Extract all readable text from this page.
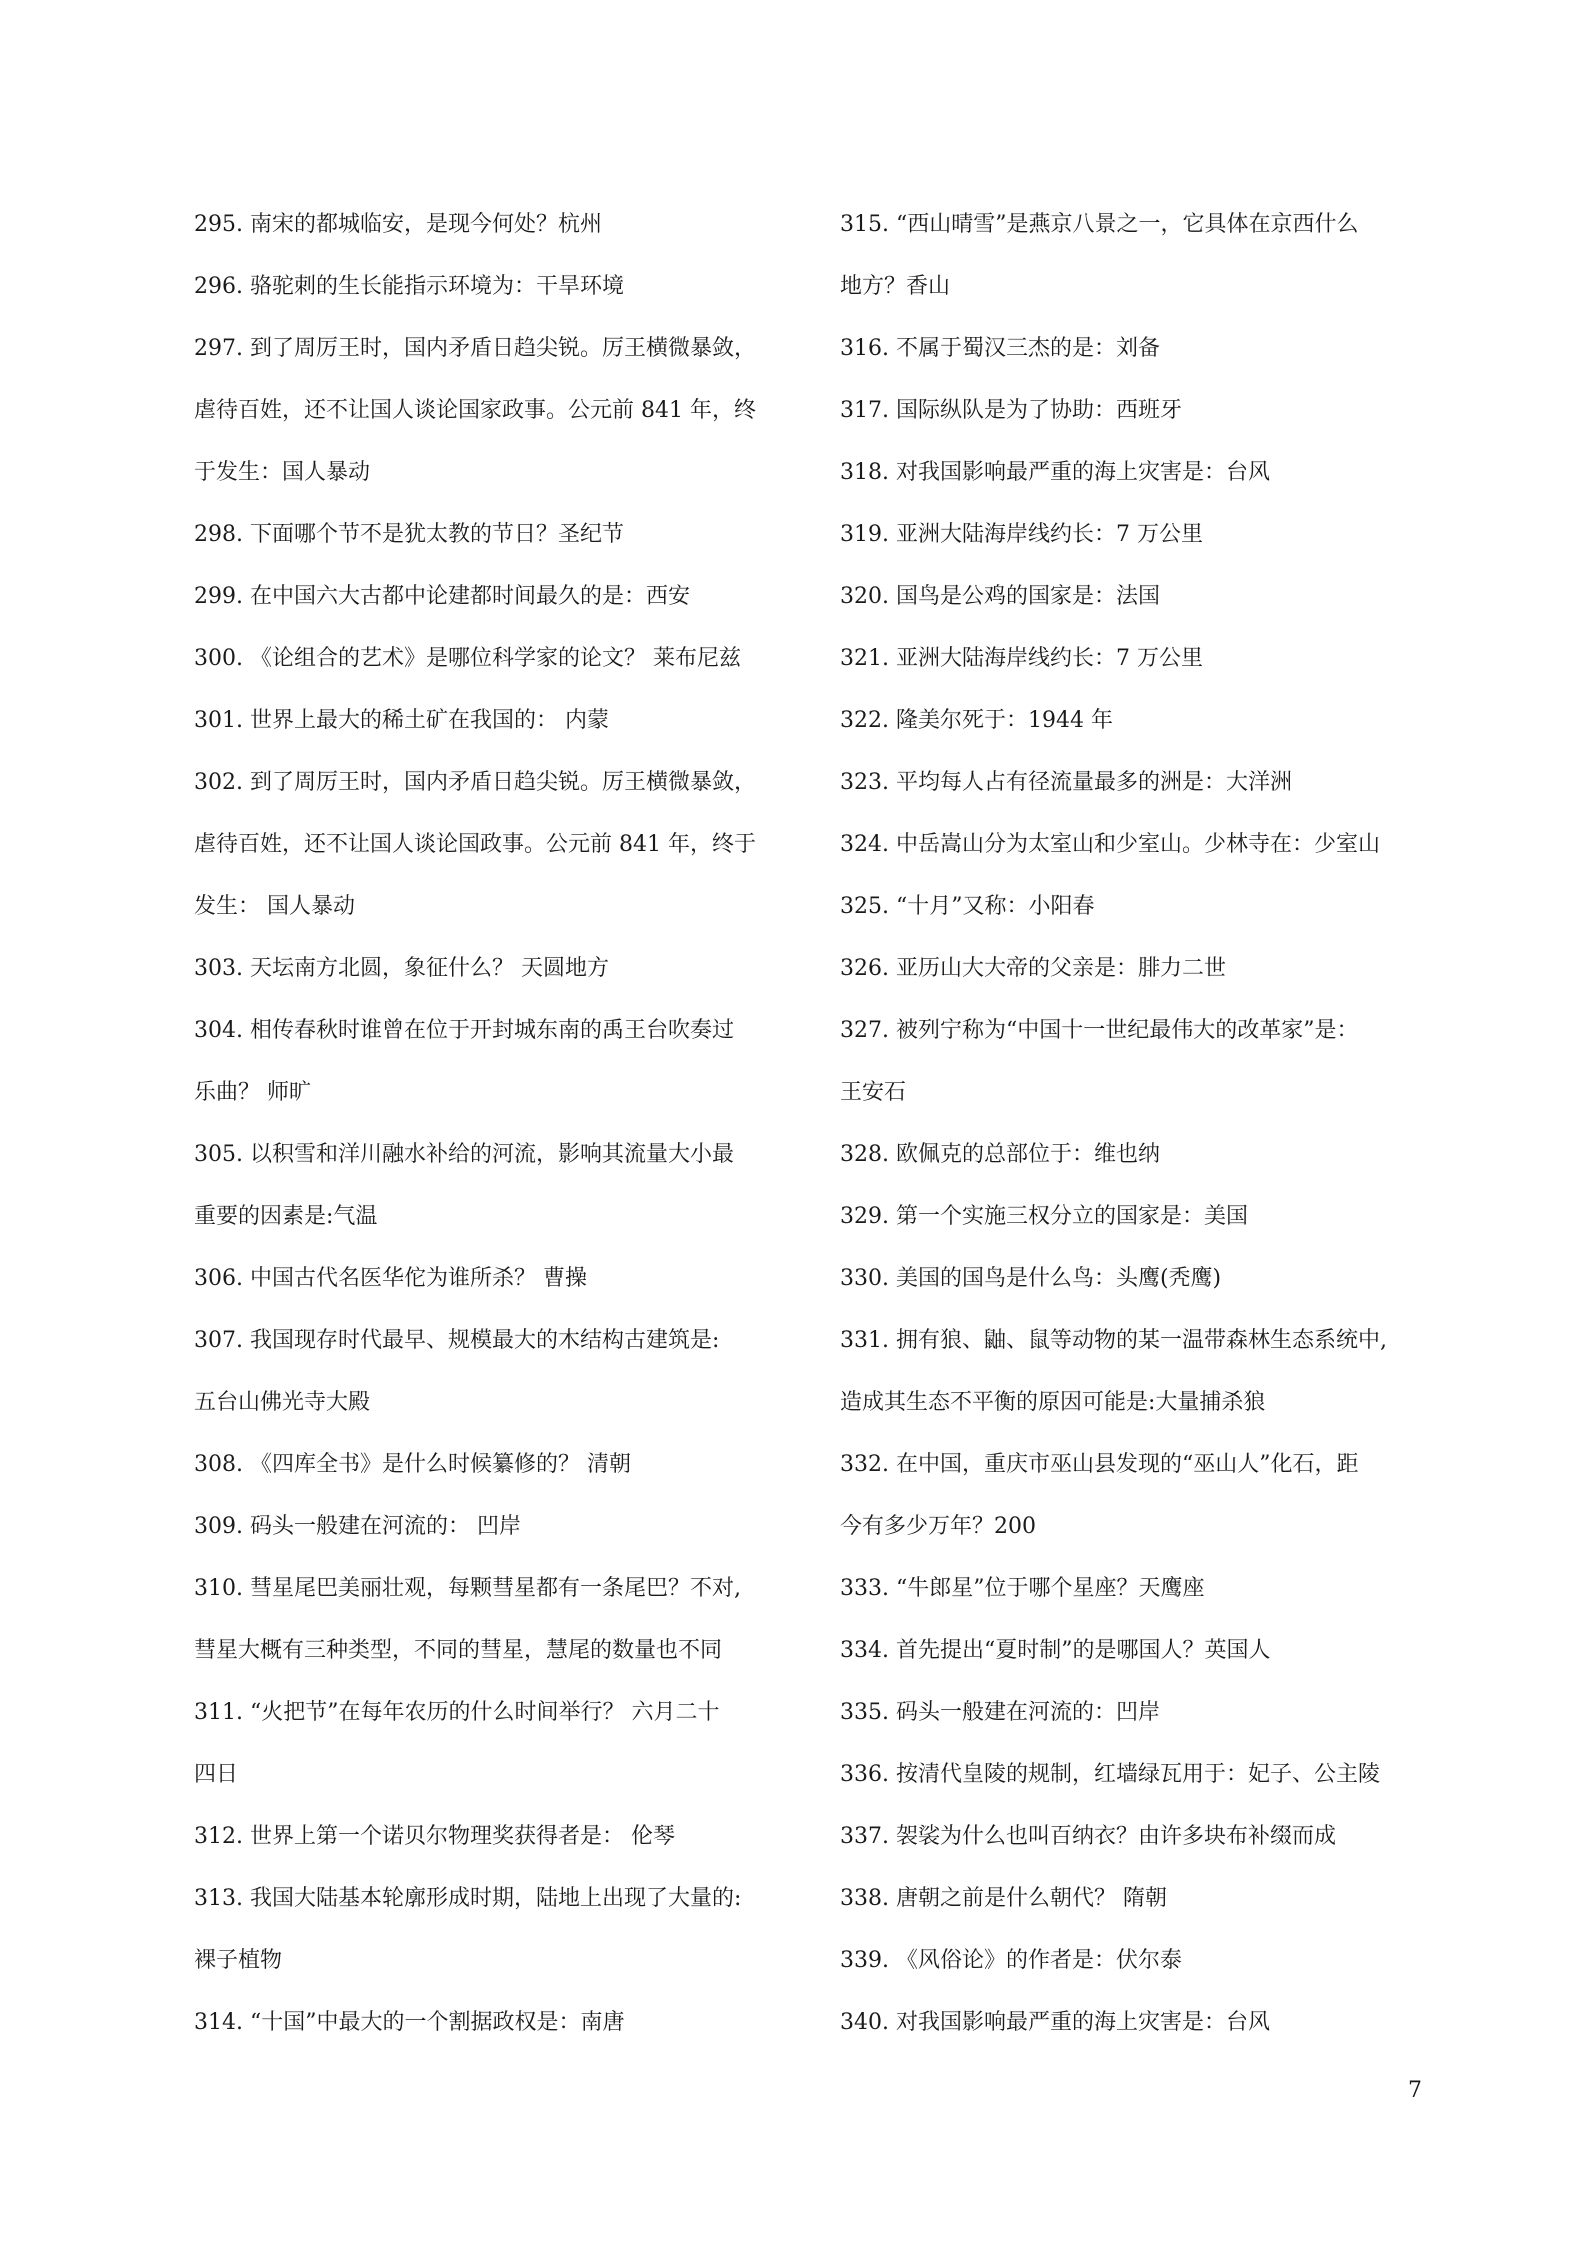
295. 南宋的都城临安，是现今何处？杭州
296. 骆驼刺的生长能指示环境为：干旱环境
297. 到了周厉王时，国内矛盾日趋尖锐。厉王横微暴敛，
虐待百姓，还不让国人谈论国家政事。公元前 841 年，终
于发生：国人暴动
298. 下面哪个节不是犹太教的节日？圣纪节
299. 在中国六大古都中论建都时间最久的是：西安
300. 《论组合的艺术》是哪位科学家的论文？ 莱布尼兹
301. 世界上最大的稀土矿在我国的： 内蒙
302. 到了周厉王时，国内矛盾日趋尖锐。厉王横微暴敛，
虐待百姓，还不让国人谈论国政事。公元前 841 年，终于
发生： 国人暴动
303. 天坛南方北圆，象征什么？ 天圆地方
304. 相传春秋时谁曾在位于开封城东南的禹王台吹奏过
乐曲？ 师旷
305. 以积雪和洋川融水补给的河流，影响其流量大小最
重要的因素是:气温
306. 中国古代名医华佗为谁所杀？ 曹操
307. 我国现存时代最早、规模最大的木结构古建筑是:
五台山佛光寺大殿
308. 《四库全书》是什么时候纂修的？ 清朝
309. 码头一般建在河流的： 凹岸
310. 彗星尾巴美丽壮观，每颗彗星都有一条尾巴？不对,
彗星大概有三种类型，不同的彗星，慧尾的数量也不同
311. “火把节”在每年农历的什么时间举行？ 六月二十
四日
312. 世界上第一个诺贝尔物理奖获得者是： 伦琴
313. 我国大陆基本轮廓形成时期，陆地上出现了大量的:
裸子植物
314. “十国”中最大的一个割据政权是：南唐
315. “西山晴雪”是燕京八景之一，它具体在京西什么
地方？香山
316. 不属于蜀汉三杰的是：刘备
317. 国际纵队是为了协助：西班牙
318. 对我国影响最严重的海上灾害是：台风
319. 亚洲大陆海岸线约长：7 万公里
320. 国鸟是公鸡的国家是：法国
321. 亚洲大陆海岸线约长：7 万公里
322. 隆美尔死于：1944 年
323. 平均每人占有径流量最多的洲是：大洋洲
324. 中岳嵩山分为太室山和少室山。少林寺在：少室山
325. “十月”又称：小阳春
326. 亚历山大大帝的父亲是：腓力二世
327. 被列宁称为“中国十一世纪最伟大的改革家”是：
王安石
328. 欧佩克的总部位于：维也纳
329. 第一个实施三权分立的国家是：美国
330. 美国的国鸟是什么鸟：头鹰(秃鹰)
331. 拥有狼、鼬、鼠等动物的某一温带森林生态系统中,
造成其生态不平衡的原因可能是:大量捕杀狼
332. 在中国，重庆市巫山县发现的“巫山人”化石，距
今有多少万年？200
333. “牛郎星”位于哪个星座？天鹰座
334. 首先提出“夏时制”的是哪国人？英国人
335. 码头一般建在河流的：凹岸
336. 按清代皇陵的规制，红墙绿瓦用于：妃子、公主陵
337. 袈裟为什么也叫百纳衣？由许多块布补缀而成
338. 唐朝之前是什么朝代？ 隋朝
339. 《风俗论》的作者是：伏尔泰
340. 对我国影响最严重的海上灾害是：台风
7
